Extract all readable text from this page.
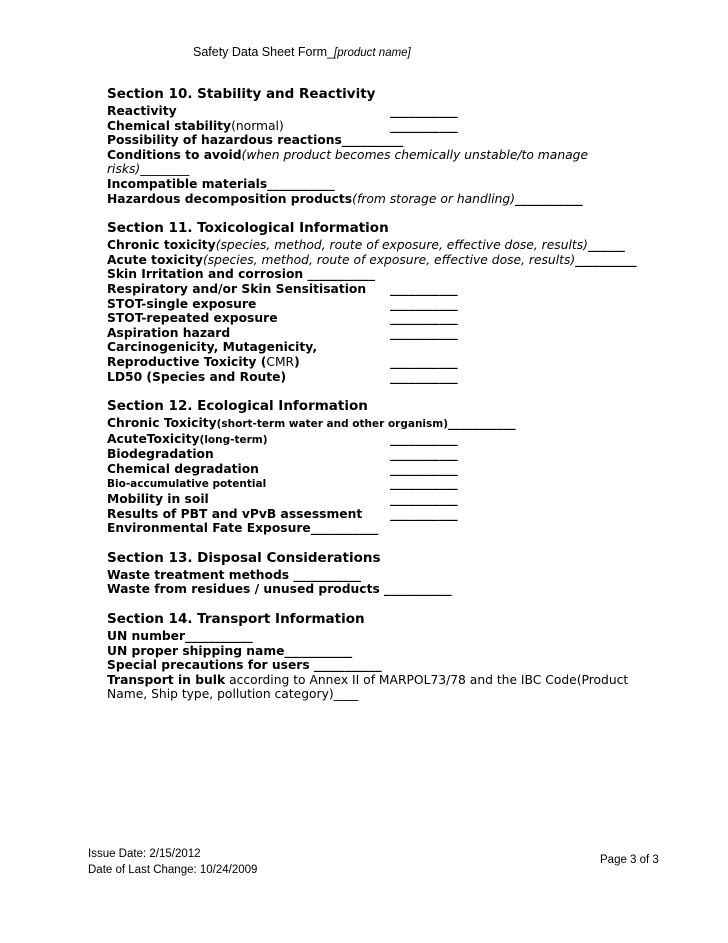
Safety Data Sheet Form_[product name]
Section 10. Stability and Reactivity
Reactivity	___________
Chemical stability(normal)	___________
Possibility of hazardous reactions__________
Conditions to avoid(when product becomes chemically unstable/to manage risks)________
Incompatible materials___________
Hazardous decomposition products(from storage or handling)___________
Section 11. Toxicological Information
Chronic toxicity(species, method, route of exposure, effective dose, results)______
Acute toxicity(species, method, route of exposure, effective dose, results)__________
Skin Irritation and corrosion ___________
Respiratory and/or Skin Sensitisation ___________
STOT-single exposure	___________
STOT-repeated exposure	___________
Aspiration hazard	___________
Carcinogenicity, Mutagenicity,
Reproductive Toxicity (CMR)	___________
LD50 (Species and Route)	___________
Section 12. Ecological Information
Chronic Toxicity(short-term water and other organism)___________
AcuteToxicity(long-term)	___________
Biodegradation	___________
Chemical degradation	___________
Bio-accumulative potential	___________
Mobility in soil	___________
Results of PBT and vPvB assessment ___________
Environmental Fate Exposure___________
Section 13. Disposal Considerations
Waste treatment methods ___________
Waste from residues / unused products ___________
Section 14. Transport Information
UN number___________
UN proper shipping name___________
Special precautions for users ___________
Transport in bulk according to Annex II of MARPOL73/78 and the IBC Code(Product Name, Ship type, pollution category)____
Issue Date: 2/15/2012
Date of Last Change: 10/24/2009
Page 3 of 3
